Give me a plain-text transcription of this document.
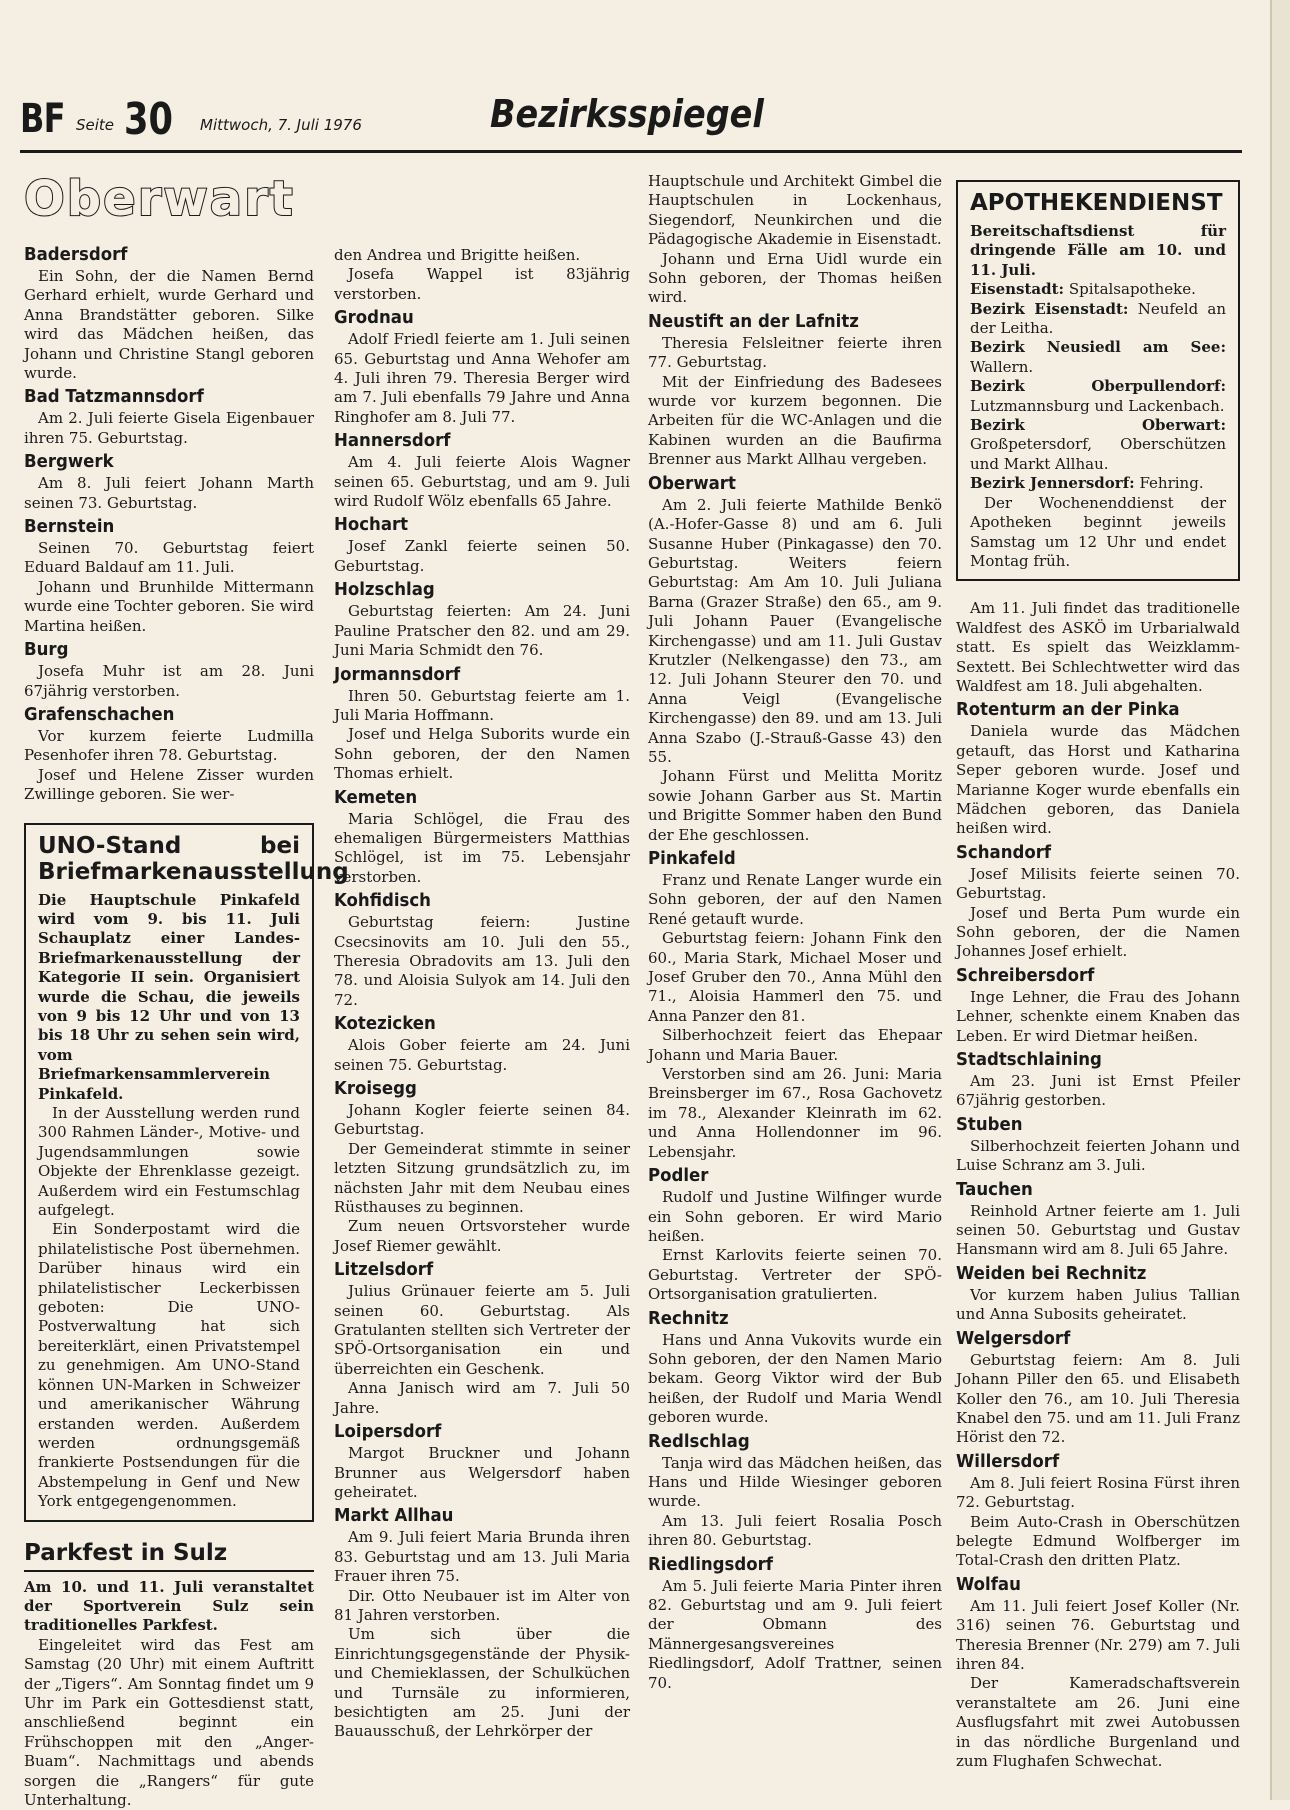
BF Seite 30 Mittwoch, 7. Juli 1976	Bezirksspiegel
Oberwart
Badersdorf

Ein Sohn, der die Namen Bernd Gerhard erhielt, wurde Gerhard und Anna Brandstätter geboren. Silke wird das Mädchen heißen, das Johann und Christine Stangl geboren wurde.

Bad Tatzmannsdorf

Am 2. Juli feierte Gisela Eigenbauer ihren 75. Geburtstag.

Bergwerk

Am 8. Juli feiert Johann Marth seinen 73. Geburtstag.

Bernstein

Seinen 70. Geburtstag feiert Eduard Baldauf am 11. Juli.

Johann und Brunhilde Mittermann wurde eine Tochter geboren. Sie wird Martina heißen.

Burg

Josefa Muhr ist am 28. Juni 67jährig verstorben.

Grafenschachen

Vor kurzem feierte Ludmilla Pesenhofer ihren 78. Geburtstag.

Josef und Helene Zisser wurden Zwillinge geboren. Sie wer-

UNO-Stand bei Briefmarkenausstellung

Die Hauptschule Pinkafeld wird vom 9. bis 11. Juli Schauplatz einer Landes-Briefmarkenausstellung der Kategorie II sein. Organisiert wurde die Schau, die jeweils von 9 bis 12 Uhr und von 13 bis 18 Uhr zu sehen sein wird, vom Briefmarkensammlerverein Pinkafeld.

In der Ausstellung werden rund 300 Rahmen Länder-, Motive- und Jugendsammlungen sowie Objekte der Ehrenklasse gezeigt. Außerdem wird ein Festumschlag aufgelegt.

Ein Sonderpostamt wird die philatelistische Post übernehmen. Darüber hinaus wird ein philatelistischer Leckerbissen geboten: Die UNO-Postverwaltung hat sich bereiterklärt, einen Privatstempel zu genehmigen. Am UNO-Stand können UN-Marken in Schweizer und amerikanischer Währung erstanden werden. Außerdem werden ordnungsgemäß frankierte Postsendungen für die Abstempelung in Genf und New York entgegengenommen.

Parkfest in Sulz

Am 10. und 11. Juli veranstaltet der Sportverein Sulz sein traditionelles Parkfest.

Eingeleitet wird das Fest am Samstag (20 Uhr) mit einem Auftritt der „Tigers“. Am Sonntag findet um 9 Uhr im Park ein Gottesdienst statt, anschließend beginnt ein Frühschoppen mit den „Anger-Buam“. Nachmittags und abends sorgen die „Rangers“ für gute Unterhaltung.

den Andrea und Brigitte heißen.

Josefa Wappel ist 83jährig verstorben.

Grodnau

Adolf Friedl feierte am 1. Juli seinen 65. Geburtstag und Anna Wehofer am 4. Juli ihren 79. Theresia Berger wird am 7. Juli ebenfalls 79 Jahre und Anna Ringhofer am 8. Juli 77.

Hannersdorf

Am 4. Juli feierte Alois Wagner seinen 65. Geburtstag, und am 9. Juli wird Rudolf Wölz ebenfalls 65 Jahre.

Hochart

Josef Zankl feierte seinen 50. Geburtstag.

Holzschlag

Geburtstag feierten: Am 24. Juni Pauline Pratscher den 82. und am 29. Juni Maria Schmidt den 76.

Jormannsdorf

Ihren 50. Geburtstag feierte am 1. Juli Maria Hoffmann.

Josef und Helga Suborits wurde ein Sohn geboren, der den Namen Thomas erhielt.

Kemeten

Maria Schlögel, die Frau des ehemaligen Bürgermeisters Matthias Schlögel, ist im 75. Lebensjahr verstorben.

Kohfidisch

Geburtstag feiern: Justine Csecsinovits am 10. Juli den 55., Theresia Obradovits am 13. Juli den 78. und Aloisia Sulyok am 14. Juli den 72.

Kotezicken

Alois Gober feierte am 24. Juni seinen 75. Geburtstag.

Kroisegg

Johann Kogler feierte seinen 84. Geburtstag.

Der Gemeinderat stimmte in seiner letzten Sitzung grundsätzlich zu, im nächsten Jahr mit dem Neubau eines Rüsthauses zu beginnen.

Zum neuen Ortsvorsteher wurde Josef Riemer gewählt.

Litzelsdorf

Julius Grünauer feierte am 5. Juli seinen 60. Geburtstag. Als Gratulanten stellten sich Vertreter der SPÖ-Ortsorganisation ein und überreichten ein Geschenk.

Anna Janisch wird am 7. Juli 50 Jahre.

Loipersdorf

Margot Bruckner und Johann Brunner aus Welgersdorf haben geheiratet.

Markt Allhau

Am 9. Juli feiert Maria Brunda ihren 83. Geburtstag und am 13. Juli Maria Frauer ihren 75.

Dir. Otto Neubauer ist im Alter von 81 Jahren verstorben.

Um sich über die Einrichtungsgegenstände der Physik- und Chemieklassen, der Schulküchen und Turnsäle zu informieren, besichtigten am 25. Juni der Bauausschuß, der Lehrkörper der

Hauptschule und Architekt Gimbel die Hauptschulen in Lockenhaus, Siegendorf, Neunkirchen und die Pädagogische Akademie in Eisenstadt.

Johann und Erna Uidl wurde ein Sohn geboren, der Thomas heißen wird.

Neustift an der Lafnitz

Theresia Felsleitner feierte ihren 77. Geburtstag.

Mit der Einfriedung des Badesees wurde vor kurzem begonnen. Die Arbeiten für die WC-Anlagen und die Kabinen wurden an die Baufirma Brenner aus Markt Allhau vergeben.

Oberwart

Am 2. Juli feierte Mathilde Benkö (A.-Hofer-Gasse 8) und am 6. Juli Susanne Huber (Pinkagasse) den 70. Geburtstag. Weiters feiern Geburtstag: Am Am 10. Juli Juliana Barna (Grazer Straße) den 65., am 9. Juli Johann Pauer (Evangelische Kirchengasse) und am 11. Juli Gustav Krutzler (Nelkengasse) den 73., am 12. Juli Johann Steurer den 70. und Anna Veigl (Evangelische Kirchengasse) den 89. und am 13. Juli Anna Szabo (J.-Strauß-Gasse 43) den 55.

Johann Fürst und Melitta Moritz sowie Johann Garber aus St. Martin und Brigitte Sommer haben den Bund der Ehe geschlossen.

Pinkafeld

Franz und Renate Langer wurde ein Sohn geboren, der auf den Namen René getauft wurde.

Geburtstag feiern: Johann Fink den 60., Maria Stark, Michael Moser und Josef Gruber den 70., Anna Mühl den 71., Aloisia Hammerl den 75. und Anna Panzer den 81.

Silberhochzeit feiert das Ehepaar Johann und Maria Bauer.

Verstorben sind am 26. Juni: Maria Breinsberger im 67., Rosa Gachovetz im 78., Alexander Kleinrath im 62. und Anna Hollendonner im 96. Lebensjahr.

Podler

Rudolf und Justine Wilfinger wurde ein Sohn geboren. Er wird Mario heißen.

Ernst Karlovits feierte seinen 70. Geburtstag. Vertreter der SPÖ-Ortsorganisation gratulierten.

Rechnitz

Hans und Anna Vukovits wurde ein Sohn geboren, der den Namen Mario bekam. Georg Viktor wird der Bub heißen, der Rudolf und Maria Wendl geboren wurde.

Redlschlag

Tanja wird das Mädchen heißen, das Hans und Hilde Wiesinger geboren wurde.

Am 13. Juli feiert Rosalia Posch ihren 80. Geburtstag.

Riedlingsdorf

Am 5. Juli feierte Maria Pinter ihren 82. Geburtstag und am 9. Juli feiert der Obmann des Männergesangsvereines Riedlingsdorf, Adolf Trattner, seinen 70.

APOTHEKENDIENST

Bereitschaftsdienst für dringende Fälle am 10. und 11. Juli.

Eisenstadt: Spitalsapotheke.

Bezirk Eisenstadt: Neufeld an der Leitha.

Bezirk Neusiedl am See: Wallern.

Bezirk Oberpullendorf: Lutzmannsburg und Lackenbach.

Bezirk Oberwart: Großpetersdorf, Oberschützen und Markt Allhau.

Bezirk Jennersdorf: Fehring.

Der Wochenenddienst der Apotheken beginnt jeweils Samstag um 12 Uhr und endet Montag früh.

Am 11. Juli findet das traditionelle Waldfest des ASKÖ im Urbarialwald statt. Es spielt das Weizklamm-Sextett. Bei Schlechtwetter wird das Waldfest am 18. Juli abgehalten.

Rotenturm an der Pinka

Daniela wurde das Mädchen getauft, das Horst und Katharina Seper geboren wurde. Josef und Marianne Koger wurde ebenfalls ein Mädchen geboren, das Daniela heißen wird.

Schandorf

Josef Milisits feierte seinen 70. Geburtstag.

Josef und Berta Pum wurde ein Sohn geboren, der die Namen Johannes Josef erhielt.

Schreibersdorf

Inge Lehner, die Frau des Johann Lehner, schenkte einem Knaben das Leben. Er wird Dietmar heißen.

Stadtschlaining

Am 23. Juni ist Ernst Pfeiler 67jährig gestorben.

Stuben

Silberhochzeit feierten Johann und Luise Schranz am 3. Juli.

Tauchen

Reinhold Artner feierte am 1. Juli seinen 50. Geburtstag und Gustav Hansmann wird am 8. Juli 65 Jahre.

Weiden bei Rechnitz

Vor kurzem haben Julius Tallian und Anna Subosits geheiratet.

Welgersdorf

Geburtstag feiern: Am 8. Juli Johann Piller den 65. und Elisabeth Koller den 76., am 10. Juli Theresia Knabel den 75. und am 11. Juli Franz Hörist den 72.

Willersdorf

Am 8. Juli feiert Rosina Fürst ihren 72. Geburtstag.

Beim Auto-Crash in Oberschützen belegte Edmund Wolfberger im Total-Crash den dritten Platz.

Wolfau

Am 11. Juli feiert Josef Koller (Nr. 316) seinen 76. Geburtstag und Theresia Brenner (Nr. 279) am 7. Juli ihren 84.

Der Kameradschaftsverein veranstaltete am 26. Juni eine Ausflugsfahrt mit zwei Autobussen in das nördliche Burgenland und zum Flughafen Schwechat.
